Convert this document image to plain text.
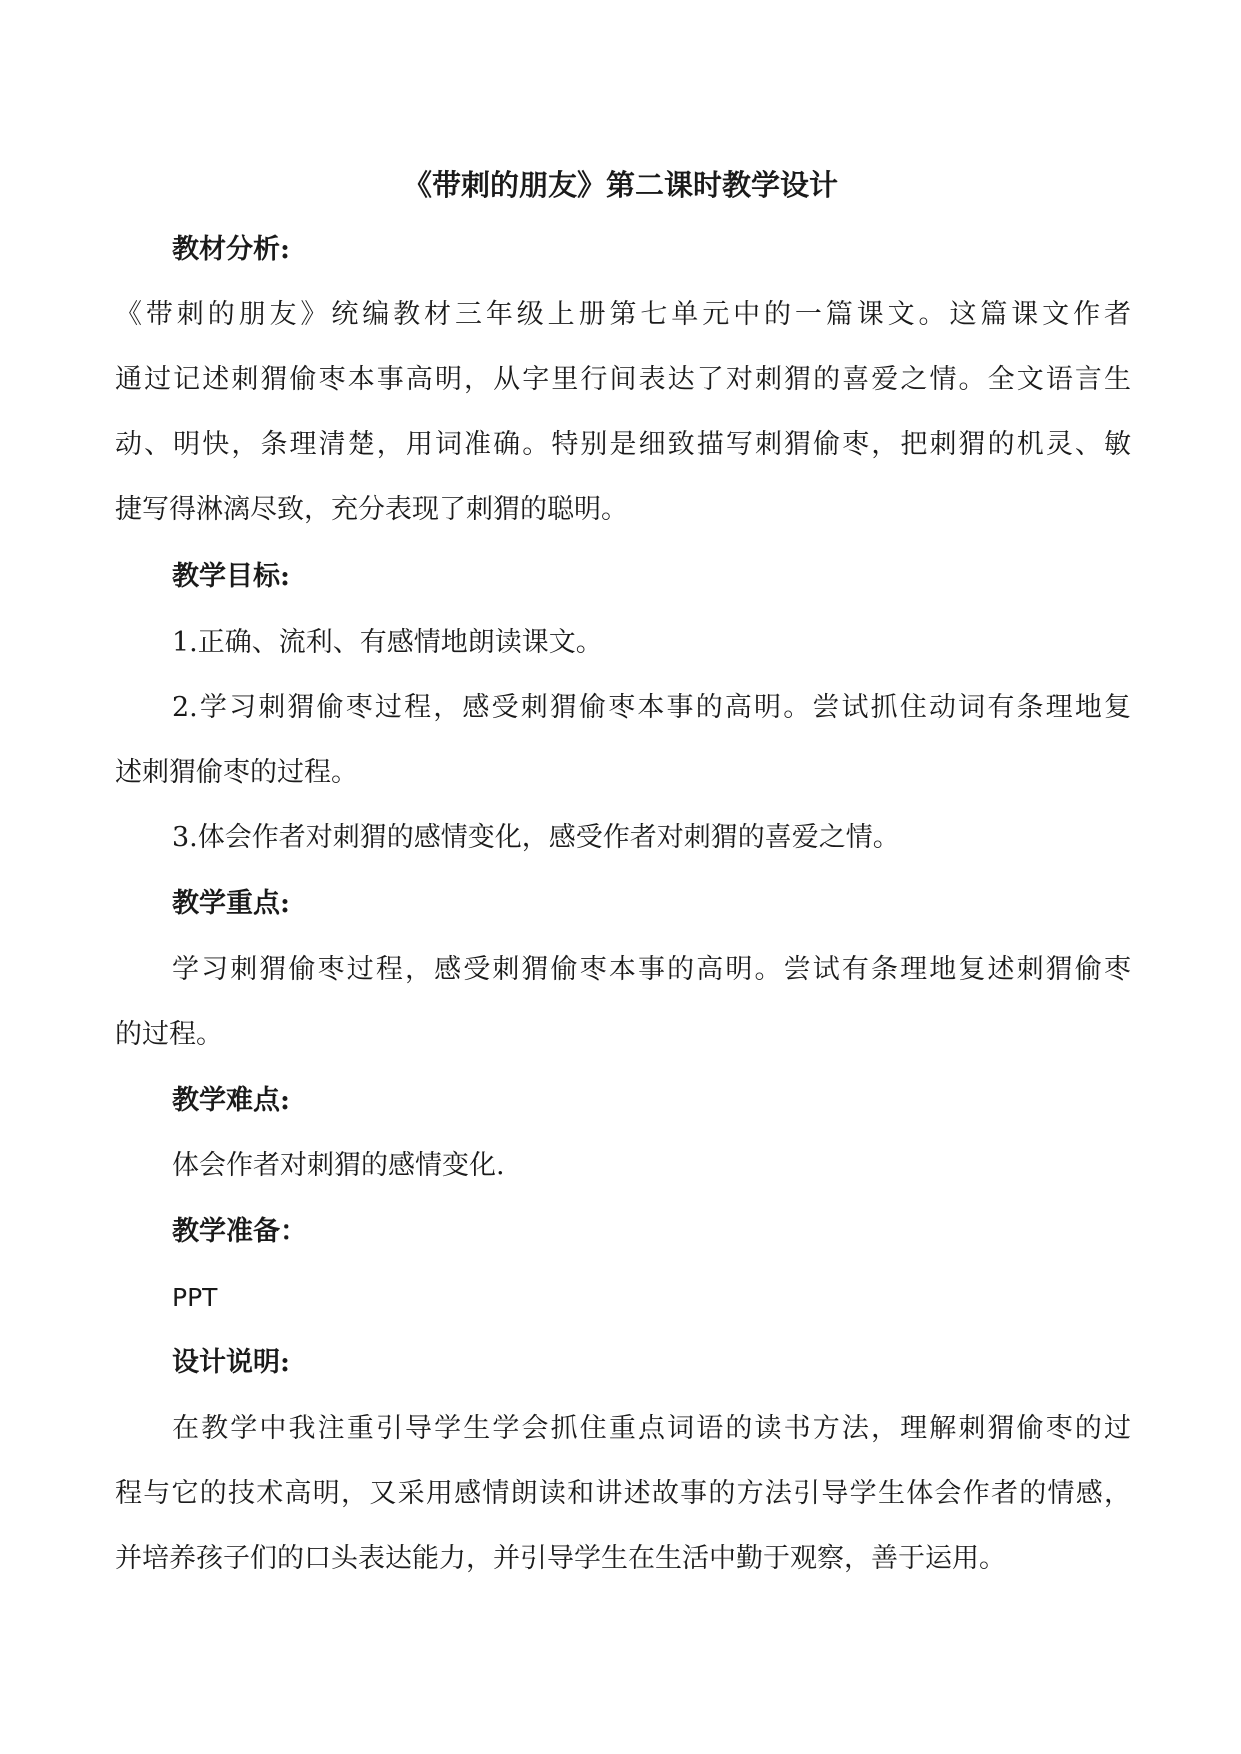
《带刺的朋友》第二课时教学设计
教材分析:
《带刺的朋友》统编教材三年级上册第七单元中的一篇课文。这篇课文作者
通过记述刺猬偷枣本事高明，从字里行间表达了对刺猬的喜爱之情。全文语言生
动、明快，条理清楚，用词准确。特别是细致描写刺猬偷枣，把刺猬的机灵、敏
捷写得淋漓尽致，充分表现了刺猬的聪明。
教学目标:
1.正确、流利、有感情地朗读课文。
2.学习刺猬偷枣过程，感受刺猬偷枣本事的高明。尝试抓住动词有条理地复
述刺猬偷枣的过程。
3.体会作者对刺猬的感情变化，感受作者对刺猬的喜爱之情。
教学重点:
学习刺猬偷枣过程，感受刺猬偷枣本事的高明。尝试有条理地复述刺猬偷枣
的过程。
教学难点:
体会作者对刺猬的感情变化.
教学准备：
PPT
设计说明:
在教学中我注重引导学生学会抓住重点词语的读书方法，理解刺猬偷枣的过
程与它的技术高明，又采用感情朗读和讲述故事的方法引导学生体会作者的情感，
并培养孩子们的口头表达能力，并引导学生在生活中勤于观察，善于运用。
